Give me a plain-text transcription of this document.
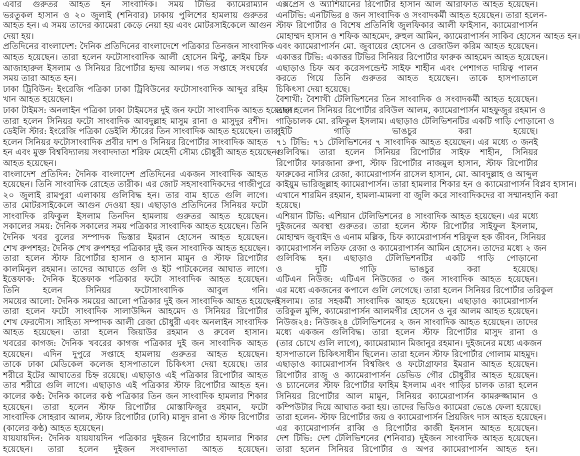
এবার গুরুতর আহত হন সাংবাদিক। সময় টিভির ক্যামেরাম্যান
ভরতুকল হাসান ও ২০ জুলাই (শনিবার) ঢাকায় পুলিশের হামলায় গুরুতর
আহত হন। এ সময় তাদের ক্যামেরা কেড়ে নেয়া হয় এবং মোটরসাইকেলে আগুন
দেয়া হয়।
প্রতিদিনের বাংলাদেশ: দৈনিক প্রতিদিনের বাংলাদেশে পত্রিকার তিনজন সাংবাদিক
আহত হয়েছেন। তারা হলেন ফটোসাংবাদিক আলী হোসেন মিন্টু, ক্রাইম চিফ
আজাহারুল ইসলাম ও সিনিয়র রিপোর্টার হৃদয় আলম। গত সপ্তাহে সংঘর্ষের
সময় তারা আহত হন।
ঢাকা ট্রিবিউন: ইংরেজি পত্রিকা ঢাকা ট্রিবিউনের ফটোসাংবাদিক আব্দুর রহিম
খান আহত হয়েছেন।
ঢাকা টাইমস: অনলাইন পত্রিকা ঢাকা টাইমসের দুই জন ফটো সাংবাদিক আহত হয়েছেন।
তারা হলেন সিনিয়র ফটো সাংবাদিক আবদুল্লাহ মাসুম রানা ও মাসুদুর রশীদ।
ডেইলি স্টার: ইংরেজি পত্রিকা ডেইলি স্টারের তিন সাংবাদিক আহত হয়েছেন। তারা
হলেন সিনিয়র ফটোসাংবাদিক প্রবীর দাশ ও সিনিয়র রিপোর্টার সাংবাদিক আহত
হন এবং মুক্ত বিশ্ববিদ্যালয় সংবাদদাতা শরিফ মেহেদী সৌম্য চৌধুরী আহত হয়েছেন।
আহত হয়েছেন।
বাংলাদেশ প্রতিদিন: দৈনিক বাংলাদেশ প্রতিদিনের একজন সাংবাদিক আহত
হয়েছেন। তিনি সাংবাদিক রোহেত তারীক। এর জোট সহসাংবাদিকদের গাজীপুরে
২০ জুলাই রামপুরা এলাকায় গুলিবিদ্ধ হন। তার বাম হাতে গুলি লাগে।
তার মোটরসাইকেলে আগুন দেওয়া হয়। এছাড়াও প্রতিদিনের সিনিয়র ফটো
সাংবাদিক রফিকুল ইসলাম তিনদিন হামলায় গুরুতর আহত হয়েছেন।
সকালের সময়: দৈনিক সকালের সময় পত্রিকার সাংবাদিক আহত হয়েছেন। তিনি
দৈনিক খবর বুলের সম্পাদক ভিস্তার ইমরান হোসেন আহত হয়েছেন।
শেখ রুপশহর: দৈনিক শেখ রুপশহর পত্রিকার দুই জন সাংবাদিক আহত হয়েছেন।
তারা হলেন স্টাফ রিপোর্টার হাসান ও হাসান মামুন ও স্টাফ রিপোর্টার
কালমিনুল রহমান। তাদের আঘাতে গুলি ও ইট পাটকেলের আঘাত লাগে।
ইত্তেফাক: দৈনিক ইত্তেফাক পত্রিকার ফটো সাংবাদিক আহত হয়েছেন।
তিনি হলেন সিনিয়র ফটোসাংবাদিক আবুল গনি।
সময়ের আলো: দৈনিক সময়ের আলো পত্রিকার দুই জন সাংবাদিক আহত হয়েছেন।
তারা হলেন ফটো সাংবাদিক সালাউদ্দিন আহমেদ ও সিনিয়র রিপোর্টার
শেখ ফেরদৌস। সাহিত্য সম্পাদক আলী রেজা চৌধুরী এবং অনলাইন সাংবাদিক
আহত হয়েছেন। তারা হলেন জিয়াউর রহমান ও রুবেল হাসান।
খবরের কাগজ: দৈনিক খবরের কাগজ পত্রিকার দুই জন সাংবাদিক আহত
হয়েছেন। এদিন দুপুরে সপ্তাহে হামলায় গুরুতর আহত হয়েছেন।
তাকে ঢাকা মেডিকেল কলেজ হাসপাতালে চিকিৎসা দেয়া হয়েছে। তার
শরীরে ইটের আঘাতের চিহ্ন রয়েছে। এছাড়াও এই পত্রিকার রিপোর্টার আহত
তার শরীরে গুলি লাগে। এছাড়াও এই পত্রিকার স্টাফ রিপোর্টার আহত হন।
কালের কণ্ঠ: দৈনিক কালের কণ্ঠ পত্রিকার তিন জন সাংবাদিক হামলার শিকার
হয়েছেন। তারা হলেন স্টাফ রিপোর্টার মোস্তাফিজুর রহমান, ফটো
সাংবাদিক সোহরাব আলম, স্টাফ রিপোর্টার (ঢাবি) মাসুদ রানা ও স্টাফ রিপোর্টার
(কালের কণ্ঠ) আহত হয়েছেন।
যায়যায়দিন: দৈনিক যায়যায়দিন পত্রিকার দুইজন রিপোর্টার হামলার শিকার
হয়েছেন। তারা হলেন দুইজন সংবাদদাতা আহত হয়েছেন।
এক্সপ্রেস ও অ্যাশিয়ানের রিপোর্টার হাসান আল আরাফাত আহত হয়েছেন।
এনটিভি: এনটিভির ৪ জন সাংবাদিক ও সংবাদকর্মী আহত হয়েছেন। তারা হলেন-
স্টাফ রিপোর্টার ও বিশেষ প্রতিনিধি জুলফিকার আলী ফাইসান, ক্যামেরাপার্সন
মোহাম্মদ হাসান ও শফিক আহমেদ, রুহুল আমিন, ক্যামেরাপার্সন সাকিব হোসেন আহত হন।
এবং ক্যামেরাপার্সন মো. জুবায়ের হোসেন ও রেজাউল করিম আহত হয়েছেন।
একাত্তর টিভি: একাত্তর টিভির সিনিয়র রিপোর্টার ফারুক আহমেদ আহত হয়েছেন।
এছাড়াও চিফ অব করেসপন্ডেন্ট সাইফ শাহীন এবং পেশাগত দায়িত্ব পালন
করতে গিয়ে তিনি গুরুতর আহত হয়েছেন। তাকে হাসপাতালে
চিকিৎসা দেয়া হয়েছে।
বৈশাখী: বৈশাখী টেলিভিশনের তিন সাংবাদিক ও সংবাদকর্মী আহত হয়েছেন।
তারা হলেন সিনিয়র রিপোর্টার রবিউল আলম, ক্যামেরাপার্সন মাহফুজুর রহমান ও
গাড়িচালক মো. রফিকুল ইসলাম। এছাড়াও টেলিভিশনটির একটি গাড়ি পোড়ানো ও
দুইটি গাড়ি ভাঙচুর করা হয়েছে।
৭১ টিভি: ৭১ টেলিভিশনের ৭ সাংবাদিক আহত হয়েছেন। এর মধ্যে ৩ জনই
গুলিবিদ্ধ। তারা হলেন সিনিয়র রিপোর্টার সাইফ শাহীন, সিনিয়র
রিপোর্টার ফারজানা রুপা, স্টাফ রিপোর্টার নাজমুল হাসান, স্টাফ রিপোর্টার
ফারুকের নাসির রেজা, ক্যামেরাপার্সন রাসেল হাসান, মো. আবদুল্লাহ ও আব্দুল
কাইয়ুম ভারিজুল্লাহ ক্যামেরাপার্সন। তারা হামলার শিকার হন ও ক্যামেরাপার্সন বিপ্লব হাসান।
এখানে শারমিন রহমান, হামলা-মামলা বা জুলি করে সাংবাদিকদের বা সম্মানহানি করা
হয়েছে।
এশিয়ান টিভি: এশিয়ান টেলিভিশনের ৪ সাংবাদিক আহত হয়েছেন। এর মধ্যে
দুইজনের অবস্থা গুরুতর। তারা হলেন স্টাফ রিপোর্টার সাইফুল ইসলাম,
মোহাম্মদ জুবাইদ ও এনাম মল্লিক, চিফ ক্যামেরাপার্সন শরিফুল হক জীবন, সিনিয়র
ক্যামেরাপার্সন লতিফ রেজা ও ক্যামেরাপার্সন আমিন হোসেন। তাদের মধ্যে ২ জন
গুলিবিদ্ধ হন। এছাড়াও টেলিভিশনটির একটি গাড়ি পোড়ানো
ও দুটি গাড়ি ভাঙচুর করা হয়েছে।
এটিএন নিউজ: এটিএন নিউজের ৩ জন সাংবাদিক আহত হয়েছেন।
এর মধ্যে একজনের কপালে গুলি লেগেছে। তারা হলেন সিনিয়র রিপোর্টার তরিকুল
ইসলাম। তার সহকর্মী সাংবাদিক আহত হয়েছেন। এছাড়াও ক্যামেরাপার্সন
তরিকুল মুন্সি, ক্যামেরাপার্সন আলমগীর হোসেন ও নুর আলম আহত হয়েছেন।
নিউজ২৪: নিউজ২৪ টেলিভিশনের ২ জন সাংবাদিক আহত হয়েছেন। তাদের
মধ্যে একজন গুলিবিদ্ধ। তারা হলেন স্টাফ রিপোর্টার মাসুদ রানা ও
(তার চোখে গুলি লাগে), ক্যামেরাম্যান মিজানুর রহমান। দুইজনের মধ্যে একজন
হাসপাতালে চিকিৎসাধীন ছিলেন। তারা হলেন স্টাফ রিপোর্টার গোলাম মাহমুদ।
এছাড়াও ক্যামেরাপার্সন বিশ্বজিৎ ও ফটোগ্রাফার ইমরান আহত হয়েছেন।
রিপোর্টার রাজু ও ক্যামেরাপার্সন ডেভিড গৌর চৌধুরীর আহত হয়েছেন।
ও চ্যানেলের স্টাফ রিপোর্টার ফাহিম ইসলাম এবং গাড়ির চালক তারা হলেন
সিনিয়র রিপোর্টার আল মামুন, সিনিয়র ক্যামেরাপার্সন কামরুজ্জামান ও
কম্পিউটার দিয়ে আঘাত করা হয়। তাদের ভিডিও ক্যামেরা ভেঙে ফেলা হয়েছে।
তারা হলেন- স্টাফ রিপোর্টার জয় ও ক্যামেরাপার্সন প্রিয়জিৎ দাস আহত হয়েছেন।
এর ক্যামেরাপার্সন রাব্বি ও রিপোর্টার কাজী ইনসান আহত হয়েছেন।
দেশ টিভি: দেশ টেলিভিশনের (শনিবার) দুইজন সাংবাদিক আহত হয়েছেন।
তারা হলেন সিনিয়র রিপোর্টার ও অপর ক্যামেরাপার্সন আহত হন।
